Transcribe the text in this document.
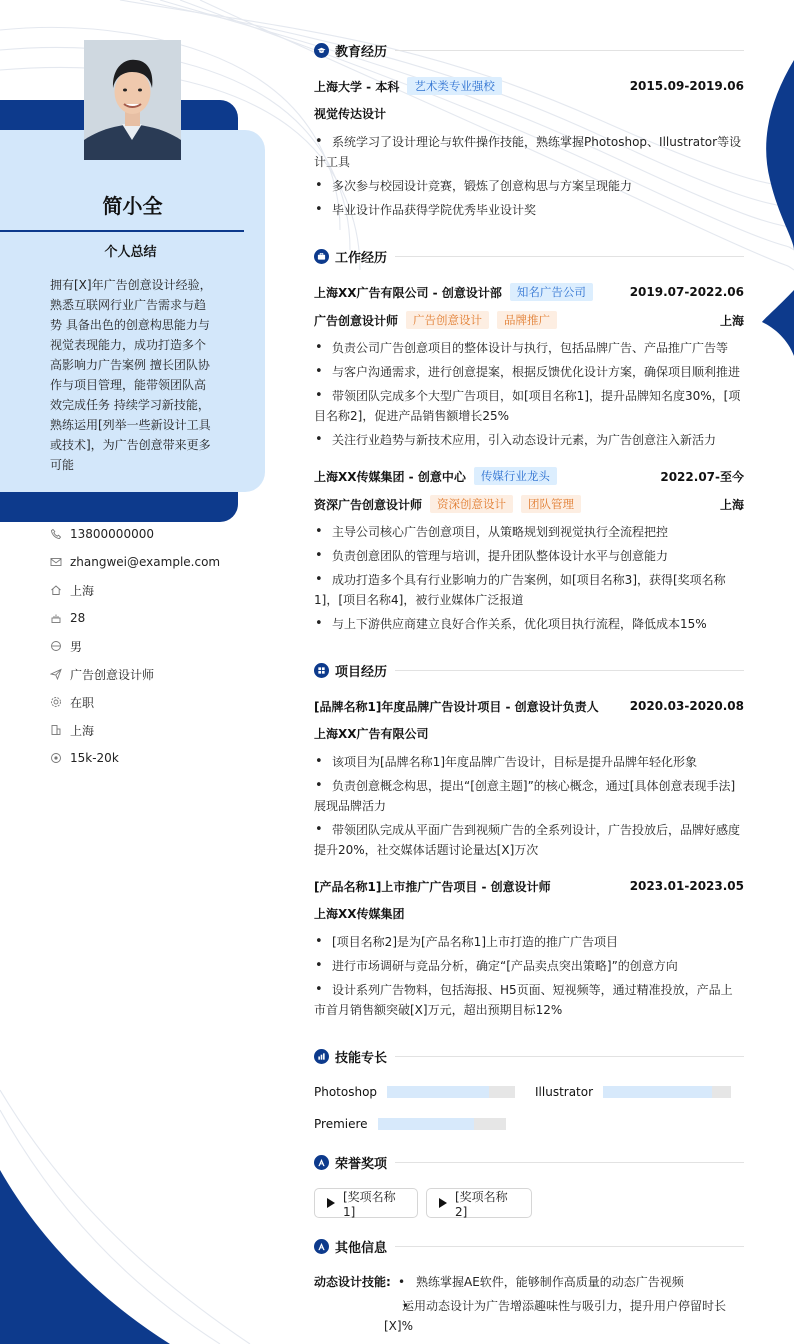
简小全
个人总结
拥有[X]年广告创意设计经验，熟悉互联网行业广告需求与趋势 具备出色的创意构思能力与视觉表现能力，成功打造多个高影响力广告案例 擅长团队协作与项目管理，能带领团队高效完成任务 持续学习新技能，熟练运用[列举一些新设计工具或技术]，为广告创意带来更多可能
13800000000
zhangwei@example.com
上海
28
男
广告创意设计师
在职
上海
15k-20k
教育经历
上海大学 - 本科	艺术类专业强校	2015.09-2019.06
视觉传达设计
• 系统学习了设计理论与软件操作技能，熟练掌握Photoshop、Illustrator等设计工具
• 多次参与校园设计竞赛，锻炼了创意构思与方案呈现能力
• 毕业设计作品获得学院优秀毕业设计奖
工作经历
上海XX广告有限公司 - 创意设计部	知名广告公司	2019.07-2022.06
广告创意设计师	广告创意设计	品牌推广	上海
• 负责公司广告创意项目的整体设计与执行，包括品牌广告、产品推广广告等
• 与客户沟通需求，进行创意提案，根据反馈优化设计方案，确保项目顺利推进
• 带领团队完成多个大型广告项目，如[项目名称1]，提升品牌知名度30%，[项目名称2]，促进产品销售额增长25%
• 关注行业趋势与新技术应用，引入动态设计元素，为广告创意注入新活力
上海XX传媒集团 - 创意中心	传媒行业龙头	2022.07-至今
资深广告创意设计师	资深创意设计	团队管理	上海
• 主导公司核心广告创意项目，从策略规划到视觉执行全流程把控
• 负责创意团队的管理与培训，提升团队整体设计水平与创意能力
• 成功打造多个具有行业影响力的广告案例，如[项目名称3]，获得[奖项名称1]，[项目名称4]，被行业媒体广泛报道
• 与上下游供应商建立良好合作关系，优化项目执行流程，降低成本15%
项目经历
[品牌名称1]年度品牌广告设计项目 - 创意设计负责人	2020.03-2020.08
上海XX广告有限公司
• 该项目为[品牌名称1]年度品牌广告设计，目标是提升品牌年轻化形象
• 负责创意概念构思，提出“[创意主题]”的核心概念，通过[具体创意表现手法]展现品牌活力
• 带领团队完成从平面广告到视频广告的全系列设计，广告投放后，品牌好感度提升20%，社交媒体话题讨论量达[X]万次
[产品名称1]上市推广广告项目 - 创意设计师	2023.01-2023.05
上海XX传媒集团
• [项目名称2]是为[产品名称1]上市打造的推广广告项目
• 进行市场调研与竞品分析，确定“[产品卖点突出策略]”的创意方向
• 设计系列广告物料，包括海报、H5页面、短视频等，通过精准投放，产品上市首月销售额突破[X]万元，超出预期目标12%
技能专长
Photoshop	Illustrator
Premiere
荣誉奖项
[奖项名称1]
[奖项名称2]
其他信息
动态设计技能:
•	熟练掌握AE软件，能够制作高质量的动态广告视频
• 运用动态设计为广告增添趣味性与吸引力，提升用户停留时长[X]%
